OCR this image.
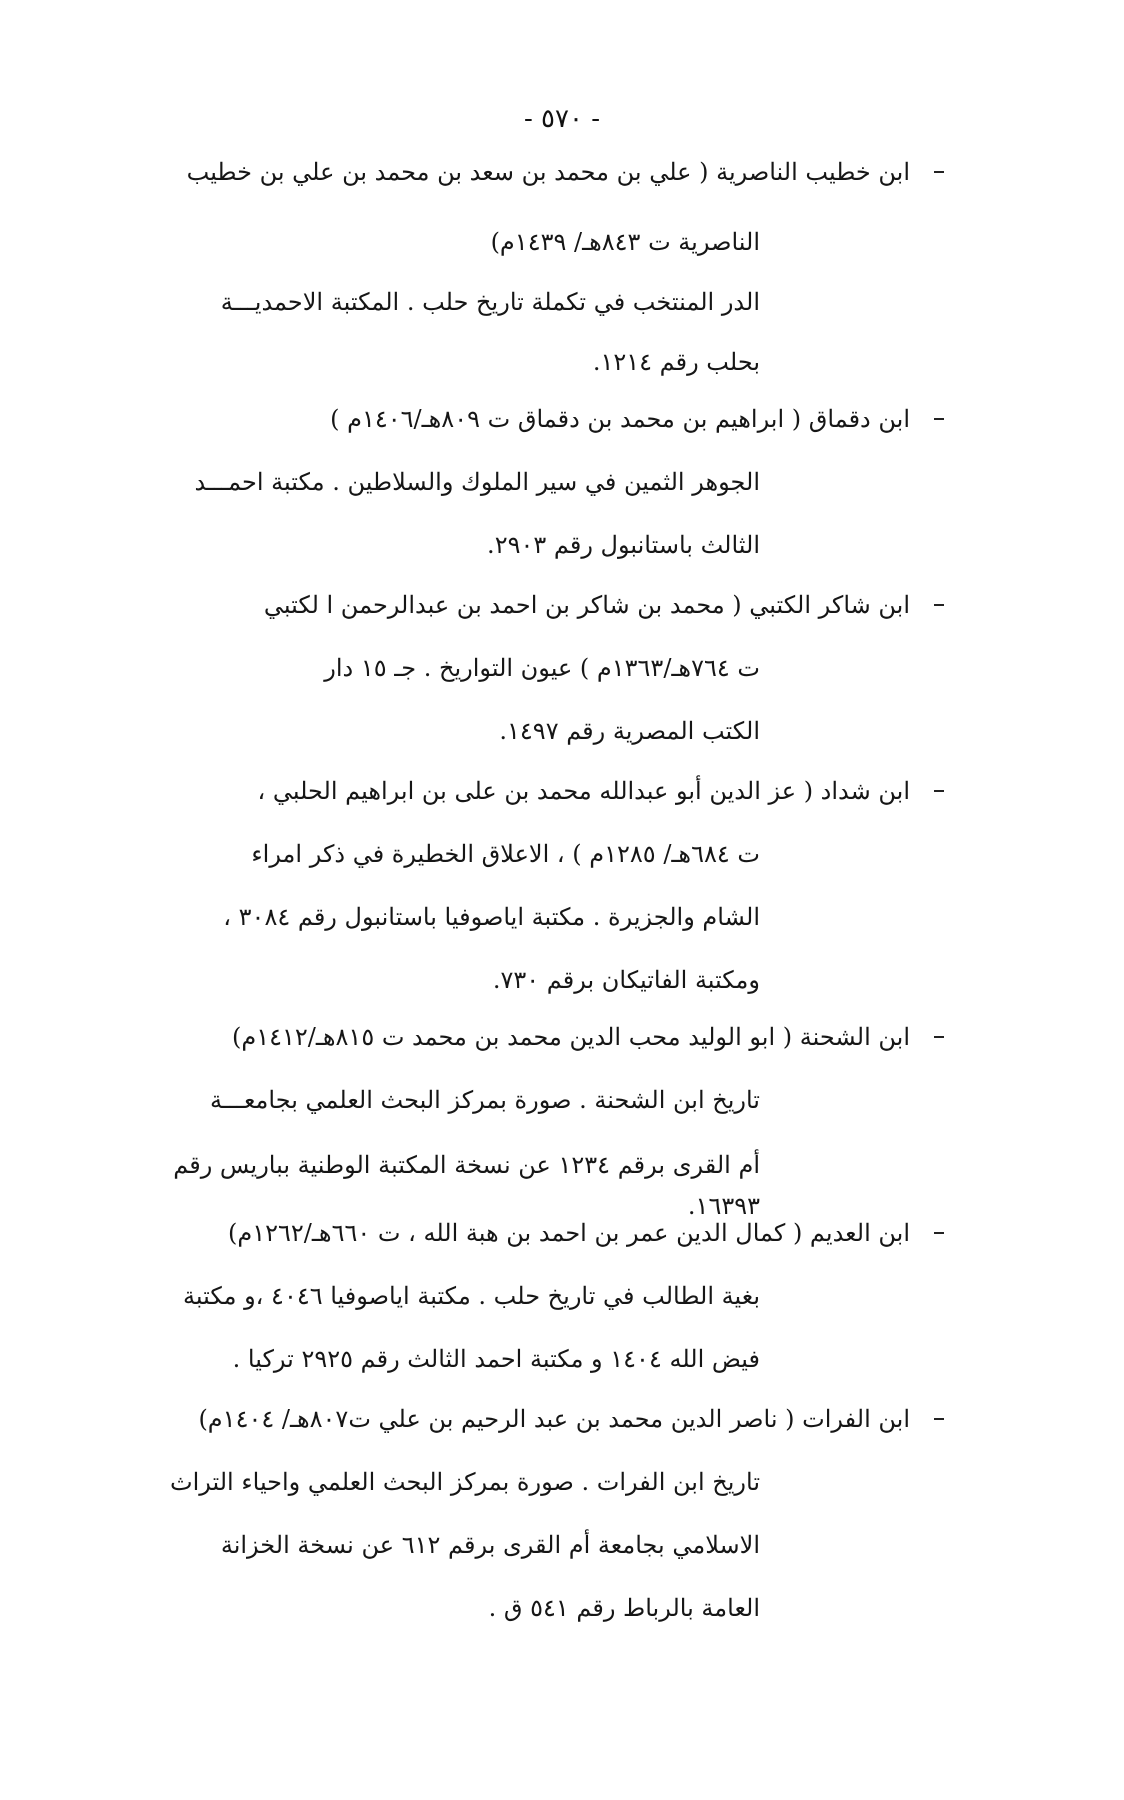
- ٥٧٠ -
ابن خطيب الناصرية ( علي بن محمد بن سعد بن محمد بن علي بن خطيب
الناصرية ت ٨٤٣هـ/ ١٤٣٩م)
الدر المنتخب في تكملة تاريخ حلب . المكتبة الاحمديـــة
بحلب رقم ١٢١٤.
ابن دقماق ( ابراهيم بن محمد بن دقماق ت ٨٠٩هـ/١٤٠٦م )
الجوهر الثمين في سير الملوك والسلاطين . مكتبة احمـــد
الثالث باستانبول رقم ٢٩٠٣.
ابن شاكر الكتبي ( محمد بن شاكر بن احمد بن عبدالرحمن ا لكتبي
ت ٧٦٤هـ/١٣٦٣م ) عيون التواريخ . جـ ١٥ دار
الكتب المصرية رقم ١٤٩٧.
ابن شداد ( عز الدين أبو عبدالله محمد بن على بن ابراهيم الحلبي ،
ت ٦٨٤هـ/ ١٢٨٥م ) ، الاعلاق الخطيرة في ذكر امراء
الشام والجزيرة . مكتبة اياصوفيا باستانبول رقم ٣٠٨٤ ،
ومكتبة الفاتيكان برقم ٧٣٠.
ابن الشحنة ( ابو الوليد محب الدين محمد بن محمد ت ٨١٥هـ/١٤١٢م)
تاريخ ابن الشحنة . صورة بمركز البحث العلمي بجامعـــة
أم القرى برقم ١٢٣٤ عن نسخة المكتبة الوطنية بباريس رقم
١٦٣٩٣.
ابن العديم ( كمال الدين عمر بن احمد بن هبة الله ، ت ٦٦٠هـ/١٢٦٢م)
بغية الطالب في تاريخ حلب . مكتبة اياصوفيا ٤٠٤٦ ،و مكتبة
فيض الله ١٤٠٤ و مكتبة احمد الثالث رقم ٢٩٢٥ تركيا .
ابن الفرات ( ناصر الدين محمد بن عبد الرحيم بن علي ت٨٠٧هـ/ ١٤٠٤م)
تاريخ ابن الفرات . صورة بمركز البحث العلمي واحياء التراث
الاسلامي بجامعة أم القرى برقم ٦١٢ عن نسخة الخزانة
العامة بالرباط رقم ٥٤١ ق .
